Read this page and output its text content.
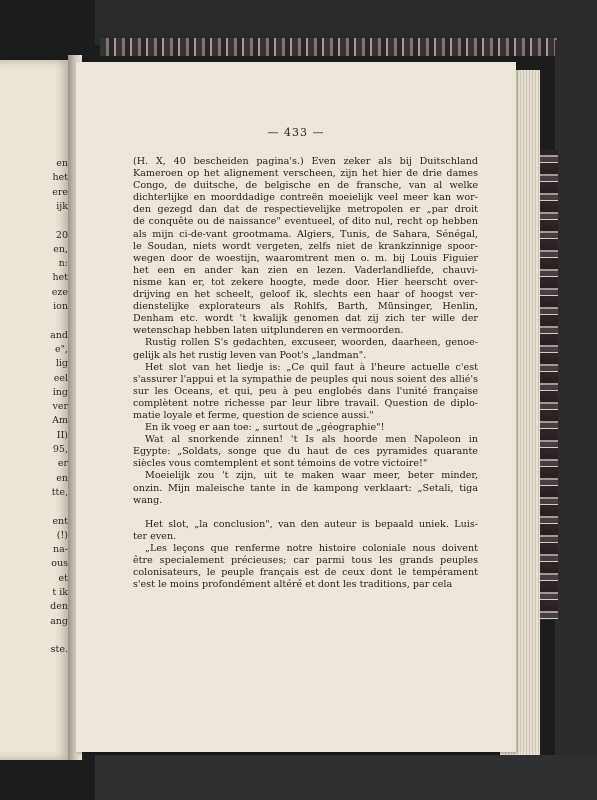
en
het
ere
ijk
20
en,
n:
het
eze
ion
and
e",
lig
eel
ing
ver
Am
II)
95,
er
en
tte,
ent
(!)
na-
ous
et
t ik
den
ang
ste.
— 433 —
(H. X, 40 bescheiden pagina's.) Even zeker als bij Duitschland
Kameroen op het alignement verscheen, zijn het hier de drie dames
Congo, de duitsche, de belgische en de fransche, van al welke
dichterlijke en moorddadige contreën moeielijk veel meer kan wor-
den gezegd dan dat de respectievelijke metropolen er „par droit
de conquête ou de naissance" eventueel, of dito nul, recht op hebben
als mijn ci-de-vant grootmama. Algiers, Tunis, de Sahara, Sénégal,
le Soudan, niets wordt vergeten, zelfs niet de krankzinnige spoor-
wegen door de woestijn, waaromtrent men o. m. bij Louis Figuier
het een en ander kan zien en lezen. Vaderlandliefde, chauvi-
nisme kan er, tot zekere hoogte, mede door. Hier heerscht over-
drijving en het scheelt, geloof ik, slechts een haar of hoogst ver-
dienstelijke explorateurs als Rohlfs, Barth, Münsinger, Henlin,
Denham etc. wordt 't kwalijk genomen dat zij zich ter wille der
wetenschap hebben laten uitplunderen en vermoorden.
Rustig rollen S's gedachten, excuseer, woorden, daarheen, genoe-
gelijk als het rustig leven van Poot's „landman".
Het slot van het liedje is: „Ce quil faut à l'heure actuelle c'est
s'assurer l'appui et la sympathie de peuples qui nous soient des allié's
sur les Oceans, et qui, peu à peu englobés dans l'unité française
complètent notre richesse par leur libre travail. Question de diplo-
matie loyale et ferme, question de science aussi."
En ik voeg er aan toe: „ surtout de „géographie"!
Wat al snorkende zinnen! 't Is als hoorde men Napoleon in
Egypte: „Soldats, songe que du haut de ces pyramides quarante
siècles vous comtemplent et sont témoins de votre victoire!"
Moeielijk zou 't zijn, uit te maken waar meer, beter minder,
onzin. Mijn maleische tante in de kampong verklaart: „Setali, tiga
wang.
Het slot, „la conclusion", van den auteur is bepaald uniek. Luis-
ter even.
„Les leçons que renferme notre histoire coloniale nous doivent
être specialement précieuses; car parmi tous les grands peuples
colonisateurs, le peuple français est de ceux dont le tempérament
s'est le moins profondément altéré et dont les traditions, par cela
